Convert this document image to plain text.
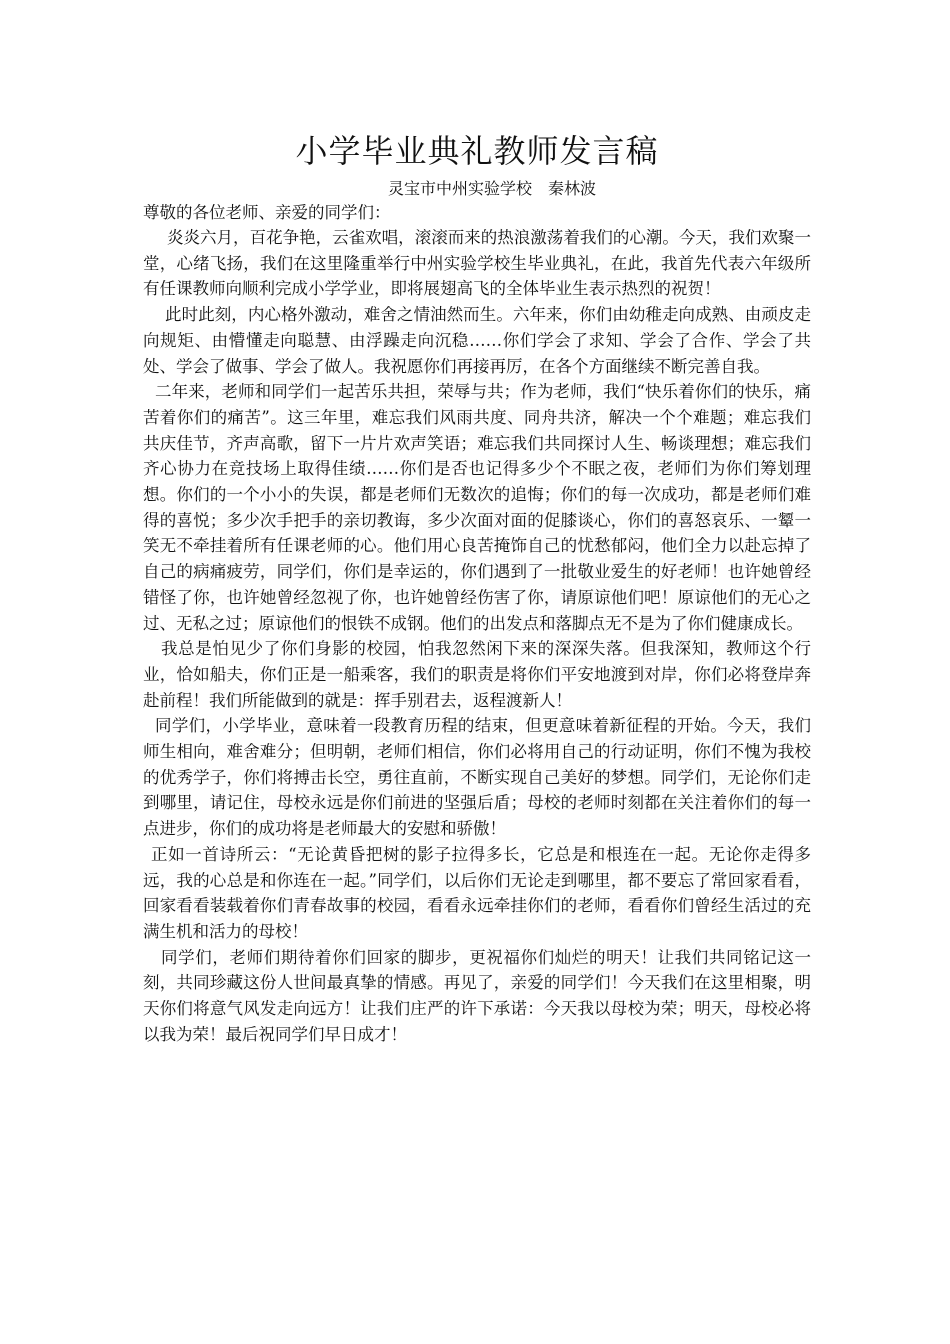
小学毕业典礼教师发言稿

灵宝市中州实验学校　秦林波

尊敬的各位老师、亲爱的同学们：

炎炎六月，百花争艳，云雀欢唱，滚滚而来的热浪激荡着我们的心潮。今天，我们欢聚一堂，心绪飞扬，我们在这里隆重举行中州实验学校生毕业典礼，在此，我首先代表六年级所有任课教师向顺利完成小学学业，即将展翅高飞的全体毕业生表示热烈的祝贺！

此时此刻，内心格外激动，难舍之情油然而生。六年来，你们由幼稚走向成熟、由顽皮走向规矩、由懵懂走向聪慧、由浮躁走向沉稳……你们学会了求知、学会了合作、学会了共处、学会了做事、学会了做人。我祝愿你们再接再厉，在各个方面继续不断完善自我。

二年来，老师和同学们一起苦乐共担，荣辱与共；作为老师，我们“快乐着你们的快乐，痛苦着你们的痛苦”。这三年里，难忘我们风雨共度、同舟共济，解决一个个难题；难忘我们共庆佳节，齐声高歌，留下一片片欢声笑语；难忘我们共同探讨人生、畅谈理想；难忘我们齐心协力在竞技场上取得佳绩……你们是否也记得多少个不眠之夜，老师们为你们筹划理想。你们的一个小小的失误，都是老师们无数次的追悔；你们的每一次成功，都是老师们难得的喜悦；多少次手把手的亲切教诲，多少次面对面的促膝谈心，你们的喜怒哀乐、一颦一笑无不牵挂着所有任课老师的心。他们用心良苦掩饰自己的忧愁郁闷，他们全力以赴忘掉了自己的病痛疲劳，同学们，你们是幸运的，你们遇到了一批敬业爱生的好老师！也许她曾经错怪了你，也许她曾经忽视了你，也许她曾经伤害了你，请原谅他们吧！原谅他们的无心之过、无私之过；原谅他们的恨铁不成钢。他们的出发点和落脚点无不是为了你们健康成长。

我总是怕见少了你们身影的校园，怕我忽然闲下来的深深失落。但我深知，教师这个行业，恰如船夫，你们正是一船乘客，我们的职责是将你们平安地渡到对岸，你们必将登岸奔赴前程！我们所能做到的就是：挥手别君去，返程渡新人！

同学们，小学毕业，意味着一段教育历程的结束，但更意味着新征程的开始。今天，我们师生相向，难舍难分；但明朝，老师们相信，你们必将用自己的行动证明，你们不愧为我校的优秀学子，你们将搏击长空，勇往直前，不断实现自己美好的梦想。同学们，无论你们走到哪里，请记住，母校永远是你们前进的坚强后盾；母校的老师时刻都在关注着你们的每一点进步，你们的成功将是老师最大的安慰和骄傲！

正如一首诗所云：“无论黄昏把树的影子拉得多长，它总是和根连在一起。无论你走得多远，我的心总是和你连在一起。”同学们，以后你们无论走到哪里，都不要忘了常回家看看，回家看看装载着你们青春故事的校园，看看永远牵挂你们的老师，看看你们曾经生活过的充满生机和活力的母校！

同学们，老师们期待着你们回家的脚步，更祝福你们灿烂的明天！让我们共同铭记这一刻，共同珍藏这份人世间最真挚的情感。再见了，亲爱的同学们！今天我们在这里相聚，明天你们将意气风发走向远方！让我们庄严的许下承诺：今天我以母校为荣；明天，母校必将以我为荣！最后祝同学们早日成才！
